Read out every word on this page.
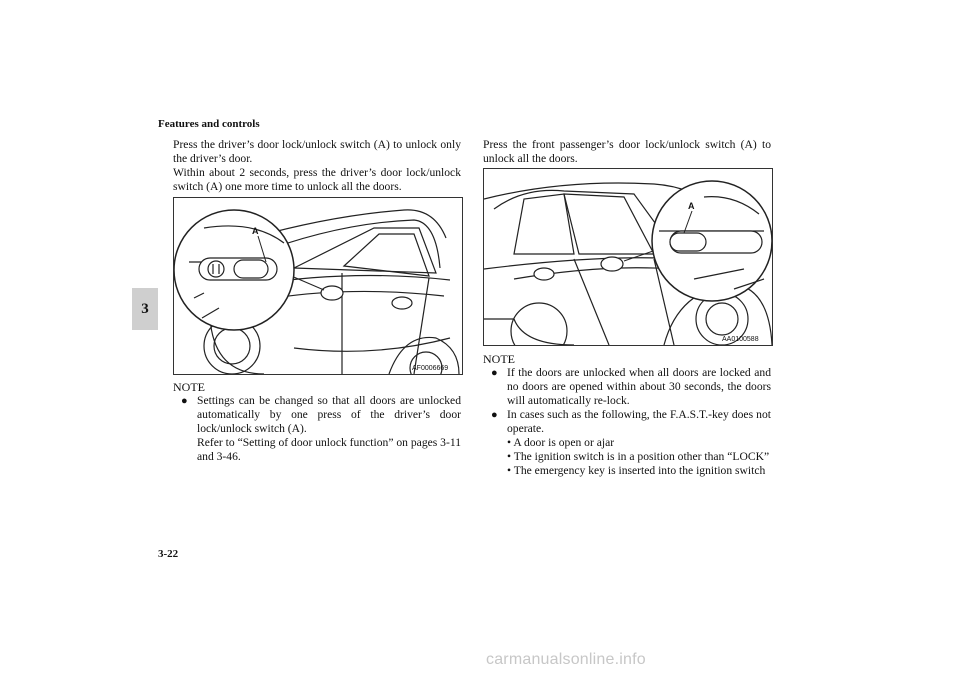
Features and controls
3
Press the driver’s door lock/unlock switch (A) to unlock only the driver’s door.
Within about 2 seconds, press the driver’s door lock/unlock switch (A) one more time to unlock all the doors.
A
AF0006669
NOTE
● Settings can be changed so that all doors are unlocked automatically by one press of the driver’s door lock/unlock switch (A).
Refer to “Setting of door unlock function” on pages 3-11 and 3-46.
Press the front passenger’s door lock/unlock switch (A) to unlock all the doors.
A
AA0100588
NOTE
● If the doors are unlocked when all doors are locked and no doors are opened within about 30 seconds, the doors will automatically re-lock.
● In cases such as the following, the F.A.S.T.-key does not operate.
• A door is open or ajar
• The ignition switch is in a position other than “LOCK”
• The emergency key is inserted into the ignition switch
3-22
carmanualsonline.info
